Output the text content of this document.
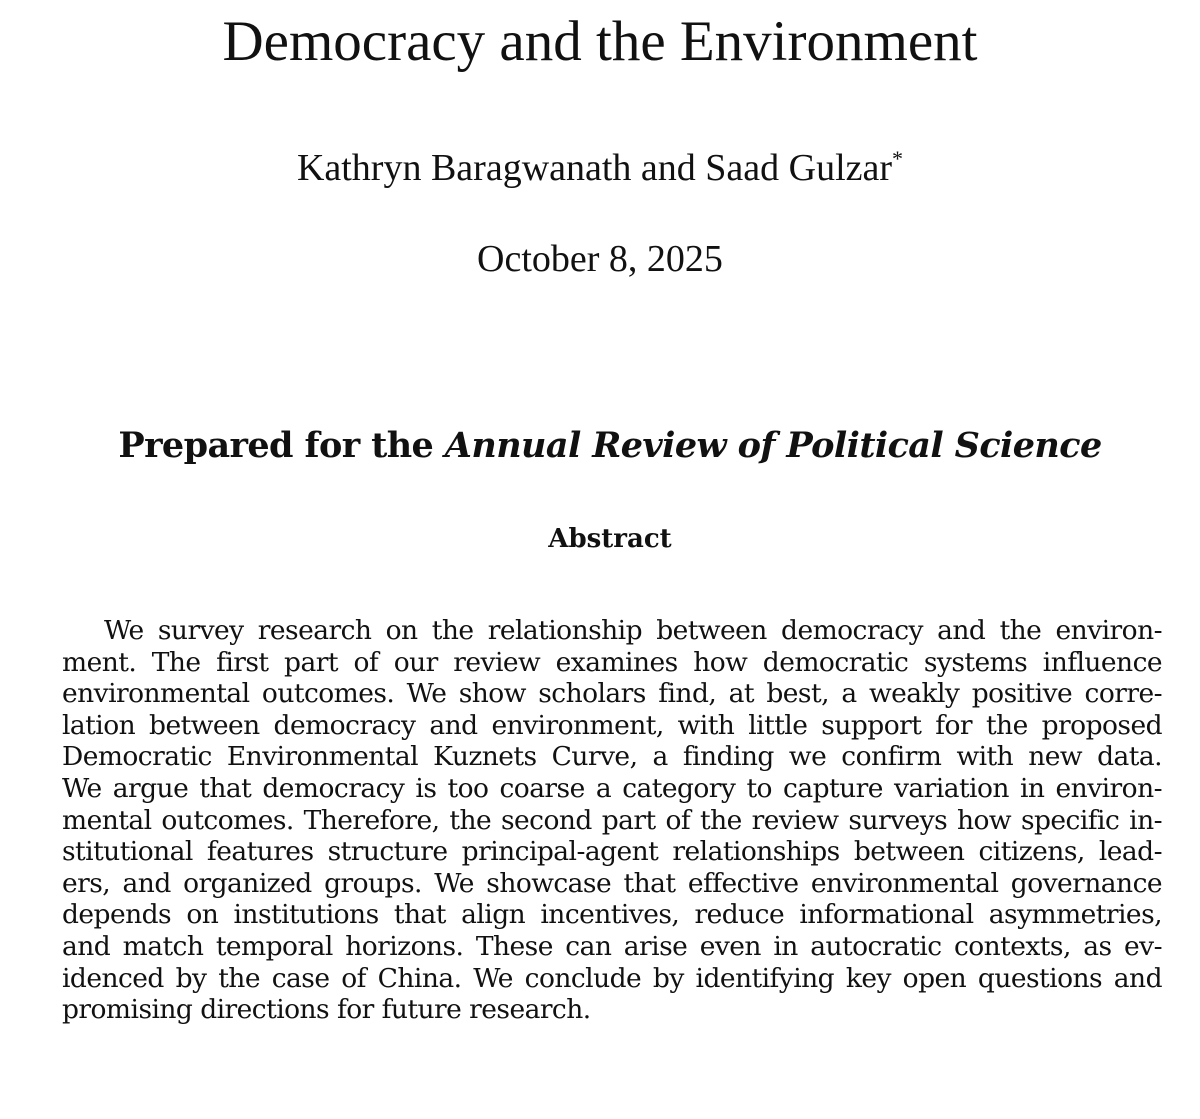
Democracy and the Environment
Kathryn Baragwanath and Saad Gulzar*
October 8, 2025
Prepared for the Annual Review of Political Science
Abstract
We survey research on the relationship between democracy and the environ-
ment. The first part of our review examines how democratic systems influence
environmental outcomes. We show scholars find, at best, a weakly positive corre-
lation between democracy and environment, with little support for the proposed
Democratic Environmental Kuznets Curve, a finding we confirm with new data.
We argue that democracy is too coarse a category to capture variation in environ-
mental outcomes. Therefore, the second part of the review surveys how specific in-
stitutional features structure principal-agent relationships between citizens, lead-
ers, and organized groups. We showcase that effective environmental governance
depends on institutions that align incentives, reduce informational asymmetries,
and match temporal horizons. These can arise even in autocratic contexts, as ev-
idenced by the case of China. We conclude by identifying key open questions and
promising directions for future research.
